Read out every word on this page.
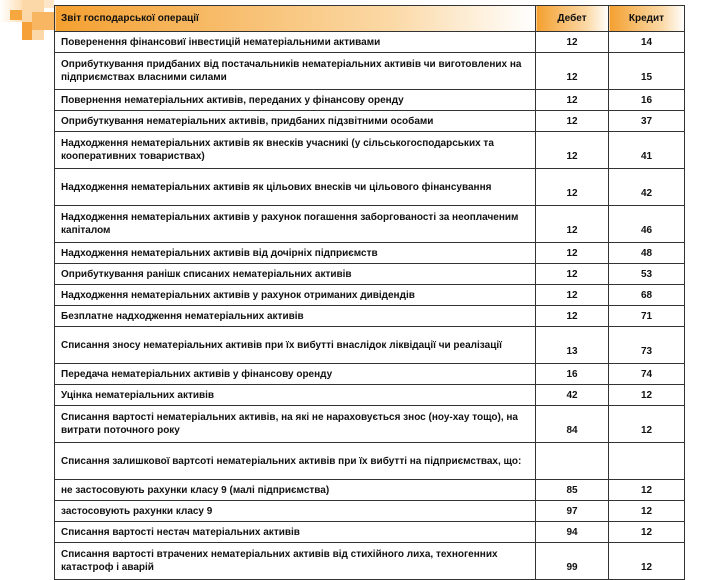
Звіт господарської операції	Дебет	Кредит
Поверенення фінансовиї інвестицій нематеріальними активами	12	14
Оприбуткування придбаних від постачальників нематеріальних активів чи виготовлених на підприємствах власними силами	12	15
Повернення нематеріальних активів, переданих у фінансову оренду	12	16
Оприбуткування нематеріальних активів, придбаних підзвітними особами	12	37
Надходження нематеріальних активів як внесків учасникі (у сільськогосподарських та кооперативних товариствах)	12	41
Надходження нематеріальних активів як цільових внесків чи цільового фінансування	12	42
Надходження нематеріальних активів у рахунок погашення заборгованості за неоплаченим капіталом	12	46
Надходження нематеріальних активів від дочірніх підприємств	12	48
Оприбуткування ранішк списаних нематеріальних активів	12	53
Надходження нематеріальних активів у рахунок отриманих дивідендів	12	68
Безплатне надходження нематеріальних активів	12	71
Списання зносу нематеріальних активів при їх вибутті внаслідок ліквідації чи реалізації	13	73
Передача нематеріальних активів у фінансову оренду	16	74
Уцінка нематеріальних активів	42	12
Списання вартості нематеріальних активів, на які не нараховується знос (ноу-хау тощо), на витрати поточного року	84	12
Списання залишкової вартсоті нематеріальних активів при їх вибутті на підприємствах, що:		
не застосовують рахунки класу 9 (малі підприємства)	85	12
застосовують рахунки класу 9	97	12
Списання вартості нестач матеріальних активів	94	12
Списання вартості втрачених нематеріальних активів від стихійного лиха, техногенних катастроф і аварій	99	12
